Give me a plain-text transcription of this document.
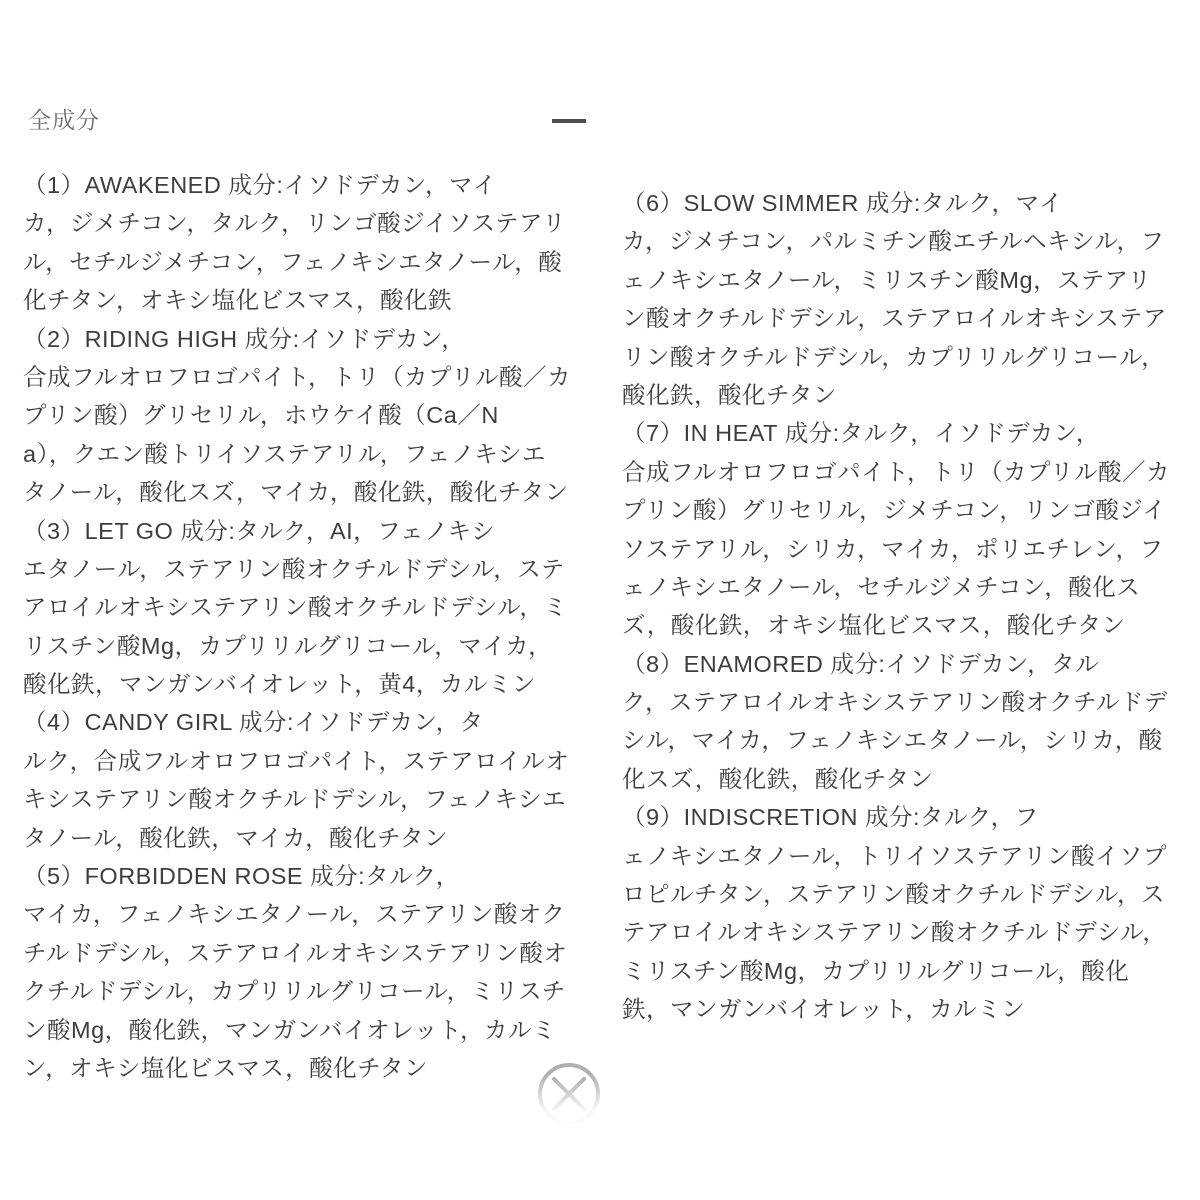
全成分
（1）AWAKENED 成分:イソドデカン，マイ
カ，ジメチコン，タルク，リンゴ酸ジイソステアリ
ル，セチルジメチコン，フェノキシエタノール，酸
化チタン，オキシ塩化ビスマス，酸化鉄
（2）RIDING HIGH 成分:イソドデカン，
合成フルオロフロゴパイト，トリ（カプリル酸／カ
プリン酸）グリセリル，ホウケイ酸（Ca／N
a），クエン酸トリイソステアリル，フェノキシエ
タノール，酸化スズ，マイカ，酸化鉄，酸化チタン
（3）LET GO 成分:タルク，AI，フェノキシ
エタノール，ステアリン酸オクチルドデシル，ステ
アロイルオキシステアリン酸オクチルドデシル，ミ
リスチン酸Mg，カプリリルグリコール，マイカ，
酸化鉄，マンガンバイオレット，黄4，カルミン
（4）CANDY GIRL 成分:イソドデカン，タ
ルク，合成フルオロフロゴパイト，ステアロイルオ
キシステアリン酸オクチルドデシル，フェノキシエ
タノール，酸化鉄，マイカ，酸化チタン
（5）FORBIDDEN ROSE 成分:タルク，
マイカ，フェノキシエタノール，ステアリン酸オク
チルドデシル，ステアロイルオキシステアリン酸オ
クチルドデシル，カプリリルグリコール，ミリスチ
ン酸Mg，酸化鉄，マンガンバイオレット，カルミ
ン，オキシ塩化ビスマス，酸化チタン
（6）SLOW SIMMER 成分:タルク，マイ
カ，ジメチコン，パルミチン酸エチルヘキシル，フ
ェノキシエタノール，ミリスチン酸Mg，ステアリ
ン酸オクチルドデシル，ステアロイルオキシステア
リン酸オクチルドデシル，カプリリルグリコール，
酸化鉄，酸化チタン
（7）IN HEAT 成分:タルク，イソドデカン，
合成フルオロフロゴパイト，トリ（カプリル酸／カ
プリン酸）グリセリル，ジメチコン，リンゴ酸ジイ
ソステアリル，シリカ，マイカ，ポリエチレン，フ
ェノキシエタノール，セチルジメチコン，酸化ス
ズ，酸化鉄，オキシ塩化ビスマス，酸化チタン
（8）ENAMORED 成分:イソドデカン，タル
ク，ステアロイルオキシステアリン酸オクチルドデ
シル，マイカ，フェノキシエタノール，シリカ，酸
化スズ，酸化鉄，酸化チタン
（9）INDISCRETION 成分:タルク，フ
ェノキシエタノール，トリイソステアリン酸イソプ
ロピルチタン，ステアリン酸オクチルドデシル，ス
テアロイルオキシステアリン酸オクチルドデシル，
ミリスチン酸Mg，カプリリルグリコール，酸化
鉄，マンガンバイオレット，カルミン
